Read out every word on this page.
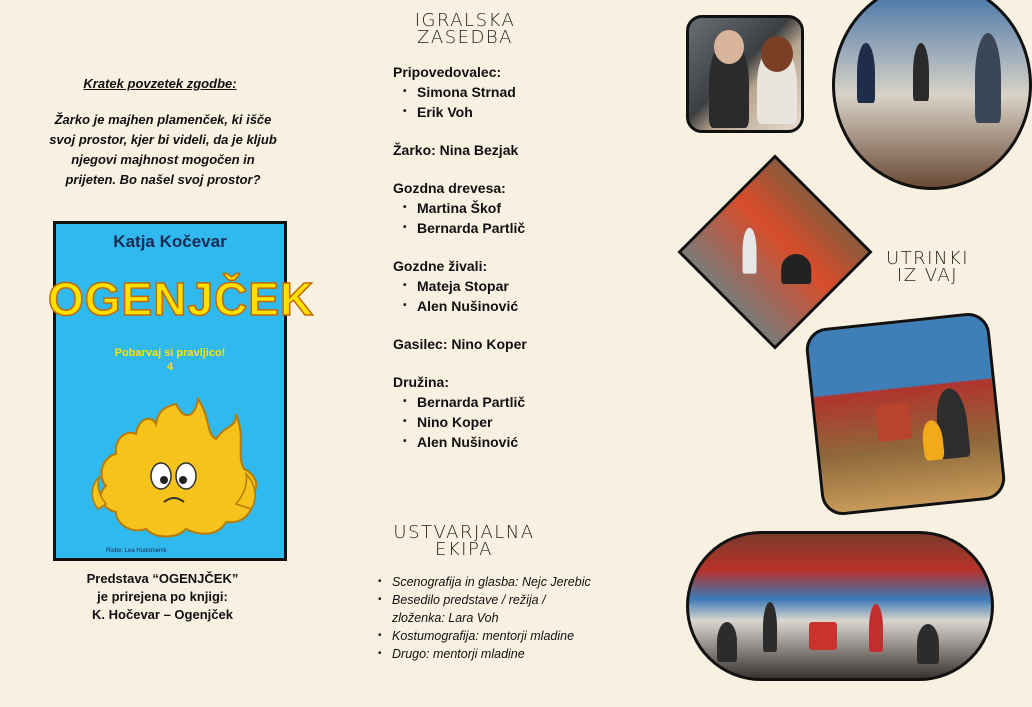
Kratek povzetek zgodbe:
Žarko je majhen plamenček, ki išče svoj prostor, kjer bi videli, da je kljub njegovi majhnost mogočen in prijeten. Bo našel svoj prostor?
Katja Kočevar
OGENJČEK
Pobarvaj si pravljico!
4
Risbe: Lea Hudomenik
Predstava “OGENJČEK”
je prirejena po knjigi:
K. Hočevar – Ogenjček
IGRALSKA
ZASEDBA
Pripovedovalec:
• Simona Strnad
• Erik Voh
Žarko: Nina Bezjak
Gozdna drevesa:
• Martina Škof
• Bernarda Partlič
Gozdne živali:
• Mateja Stopar
• Alen Nušinović
Gasilec: Nino Koper
Družina:
• Bernarda Partlič
• Nino Koper
• Alen Nušinović
USTVARJALNA
EKIPA
• Scenografija in glasba: Nejc Jerebic
• Besedilo predstave / režija / zloženka: Lara Voh
• Kostumografija: mentorji mladine
• Drugo: mentorji mladine
UTRINKI
IZ VAJ
